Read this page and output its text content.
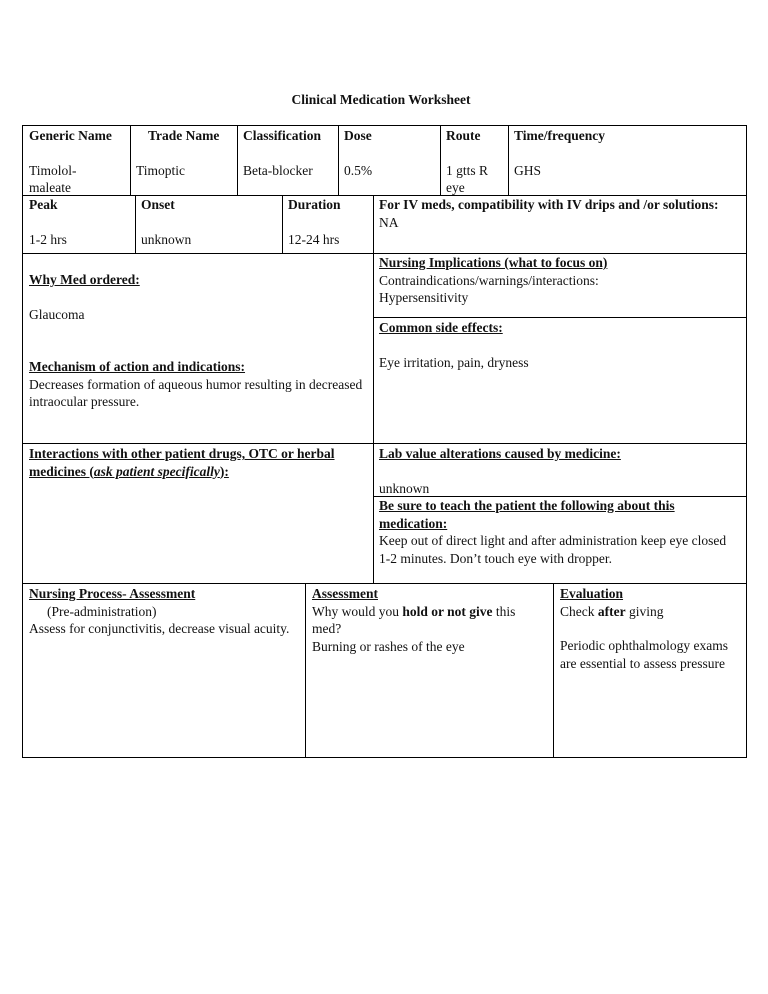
Clinical Medication Worksheet
Generic Name
Timolol-maleate
Trade Name
Timoptic
Classification
Beta-blocker
Dose
0.5%
Route
1 gtts R eye
Time/frequency
GHS
Peak
1-2 hrs
Onset
unknown
Duration
12-24 hrs
For IV meds, compatibility with IV drips and /or solutions:
NA
Why Med ordered:
Glaucoma
Mechanism of action and indications:
Decreases formation of aqueous humor resulting in decreased intraocular pressure.
Nursing Implications (what to focus on)
Contraindications/warnings/interactions:
Hypersensitivity
Common side effects:
Eye irritation, pain, dryness
Interactions with other patient drugs, OTC or herbal medicines (ask patient specifically):
Lab value alterations caused by medicine:
unknown
Be sure to teach the patient the following about this medication:
Keep out of direct light and after administration keep eye closed 1-2 minutes. Don’t touch eye with dropper.
Nursing Process- Assessment
(Pre-administration)
Assess for conjunctivitis, decrease visual acuity.
Assessment
Why would you hold or not give this med?
Burning or rashes of the eye
Evaluation
Check after giving
Periodic ophthalmology exams are essential to assess pressure
